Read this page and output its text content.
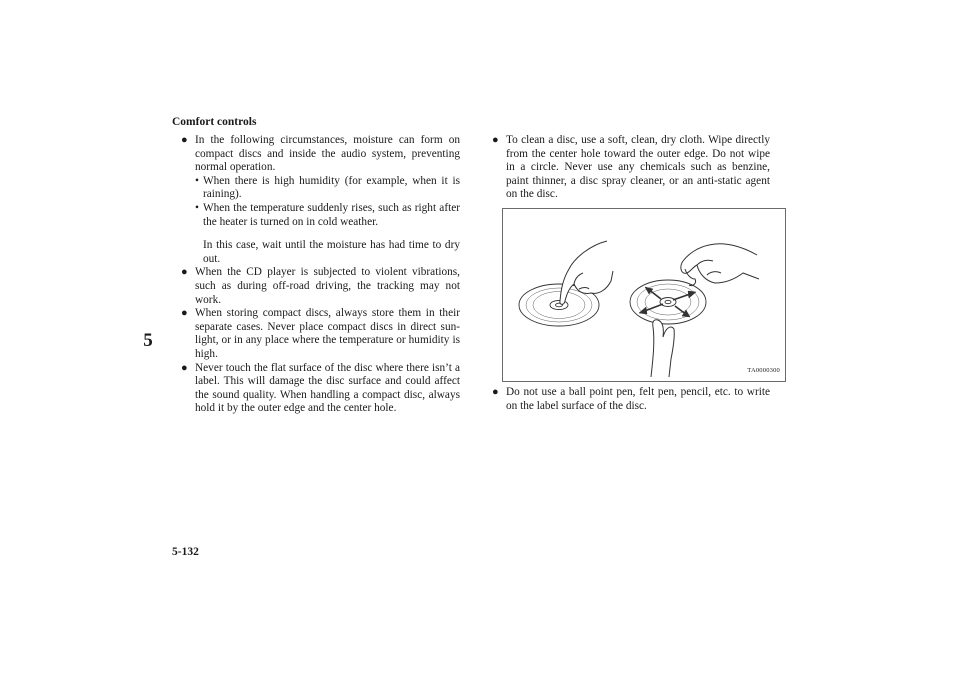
Comfort controls
5
● In the following circumstances, moisture can form on compact discs and inside the audio system, preventing normal operation.
• When there is high humidity (for example, when it is raining).
• When the temperature suddenly rises, such as right after the heater is turned on in cold weather.
In this case, wait until the moisture has had time to dry out.
● When the CD player is subjected to violent vibrations, such as during off-road driving, the tracking may not work.
● When storing compact discs, always store them in their separate cases. Never place compact discs in direct sun-light, or in any place where the temperature or humidity is high.
● Never touch the flat surface of the disc where there isn’t a label. This will damage the disc surface and could affect the sound quality. When handling a compact disc, always hold it by the outer edge and the center hole.
● To clean a disc, use a soft, clean, dry cloth. Wipe directly from the center hole toward the outer edge. Do not wipe in a circle. Never use any chemicals such as benzine, paint thinner, a disc spray cleaner, or an anti-static agent on the disc.
TA0000300
● Do not use a ball point pen, felt pen, pencil, etc. to write on the label surface of the disc.
5-132
